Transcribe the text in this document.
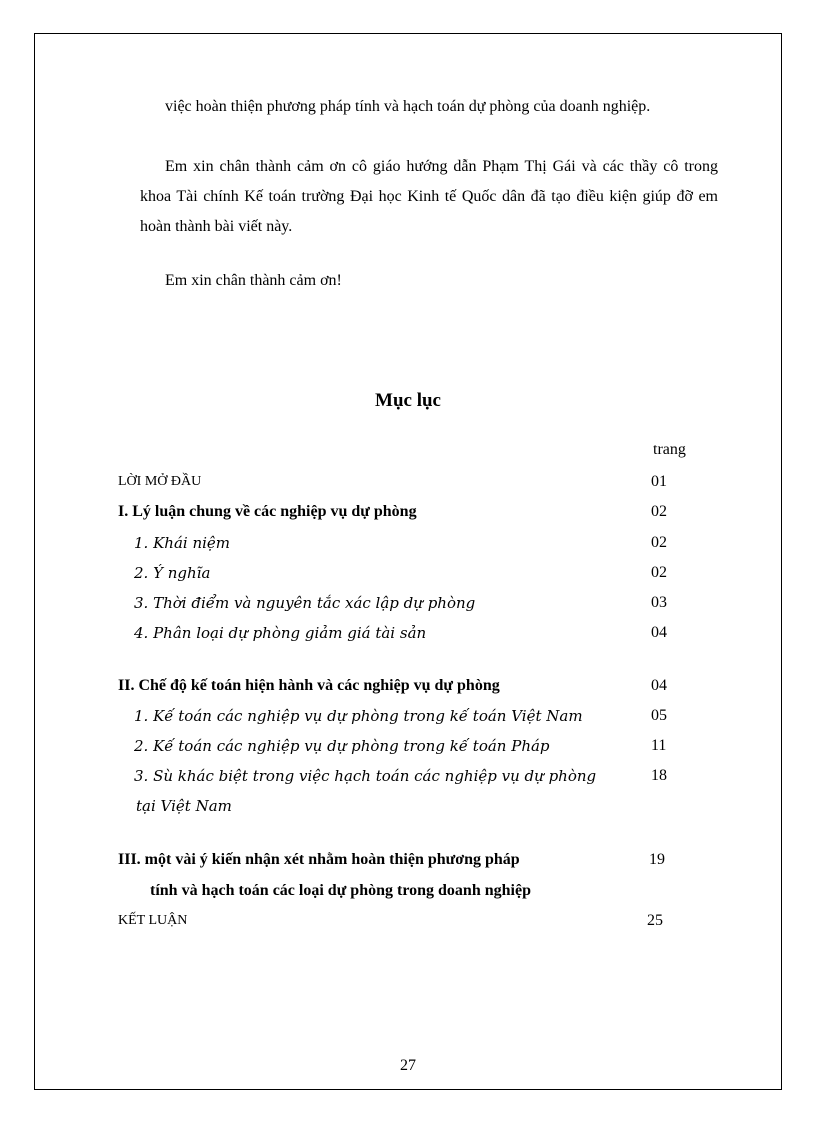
việc hoàn thiện phương pháp tính và hạch toán dự phòng của doanh nghiệp.

Em xin chân thành cảm ơn cô giáo hướng dẫn Phạm Thị Gái và các thầy cô trong khoa Tài chính Kế toán trường Đại học Kinh tế Quốc dân đã tạo điều kiện giúp đỡ em hoàn thành bài viết này.

Em xin chân thành cảm ơn!

Mục lục
trang
LỜI MỞ ĐẦU	01
I. Lý luận chung về các nghiệp vụ dự phòng	02
1. Khái niệm	02
2. Ý nghĩa	02
3. Thời điểm và nguyên tắc xác lập dự phòng	03
4. Phân loại dự phòng giảm giá tài sản	04
II. Chế độ kế toán hiện hành và các nghiệp vụ dự phòng	04
1. Kế toán các nghiệp vụ dự phòng trong kế toán Việt Nam	05
2. Kế toán các nghiệp vụ dự phòng trong kế toán Pháp	11
3. Sù khác biệt trong việc hạch toán các nghiệp vụ dự phòng	18
tại Việt Nam
III. một vài ý kiến nhận xét nhằm hoàn thiện phương pháp	19
tính và hạch toán các loại dự phòng trong doanh nghiệp
KẾT LUẬN	25
27
